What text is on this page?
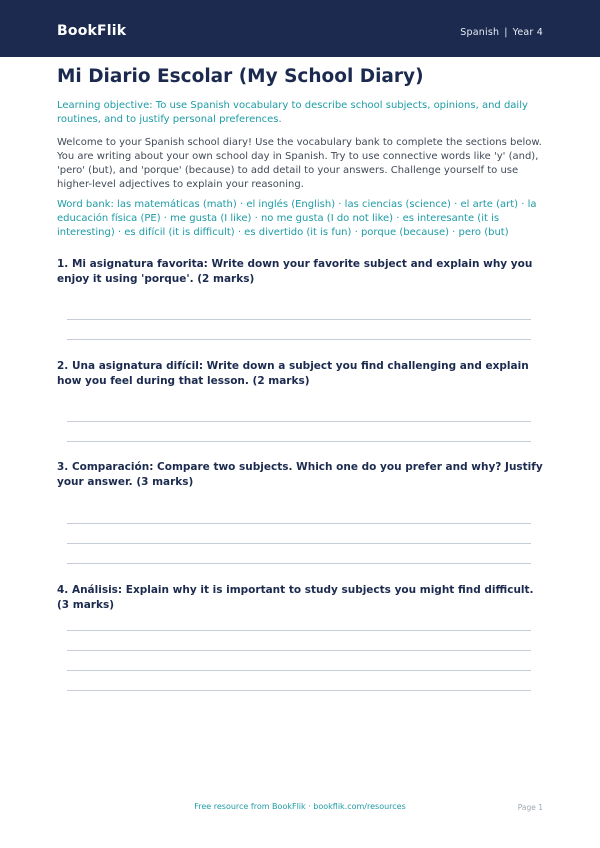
BookFlik	Spanish | Year 4
Mi Diario Escolar (My School Diary)

Learning objective: To use Spanish vocabulary to describe school subjects, opinions, and daily routines, and to justify personal preferences.

Welcome to your Spanish school diary! Use the vocabulary bank to complete the sections below. You are writing about your own school day in Spanish. Try to use connective words like 'y' (and), 'pero' (but), and 'porque' (because) to add detail to your answers. Challenge yourself to use higher-level adjectives to explain your reasoning.

Word bank: las matemáticas (math) · el inglés (English) · las ciencias (science) · el arte (art) · la educación física (PE) · me gusta (I like) · no me gusta (I do not like) · es interesante (it is interesting) · es difícil (it is difficult) · es divertido (it is fun) · porque (because) · pero (but)

1. Mi asignatura favorita: Write down your favorite subject and explain why you enjoy it using 'porque'. (2 marks)

2. Una asignatura difícil: Write down a subject you find challenging and explain how you feel during that lesson. (2 marks)

3. Comparación: Compare two subjects. Which one do you prefer and why? Justify your answer. (3 marks)

4. Análisis: Explain why it is important to study subjects you might find difficult. (3 marks)

Free resource from BookFlik · bookflik.com/resources	Page 1
